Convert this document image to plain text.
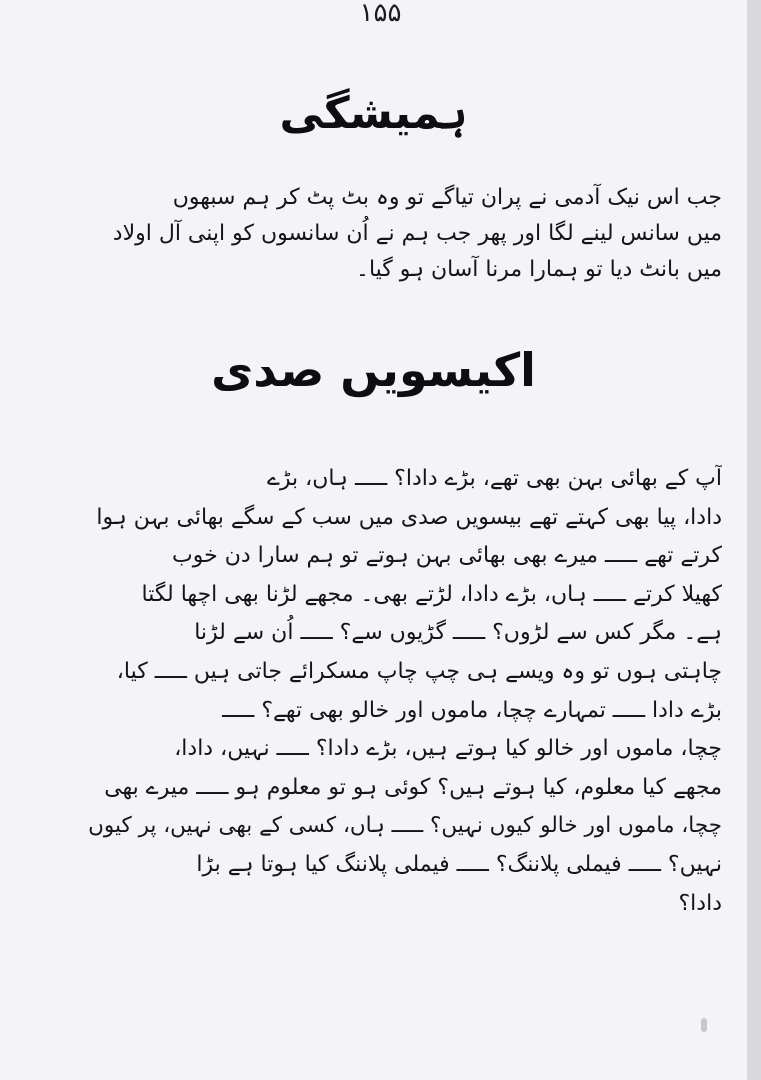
۱۵۵
ہمیشگی
جب اس نیک آدمی نے پران تیاگے تو وہ بٹ پٹ کر ہم سبھوں
میں سانس لینے لگا اور پھر جب ہم نے اُن سانسوں کو اپنی آل اولاد
میں بانٹ دیا تو ہمارا مرنا آسان ہو گیا۔
اکیسویں صدی
آپ کے بھائی بہن بھی تھے، بڑے دادا؟ ـــــ ہاں، بڑے
دادا، پیا بھی کہتے تھے بیسویں صدی میں سب کے سگے بھائی بہن ہوا
کرتے تھے ـــــ میرے بھی بھائی بہن ہوتے تو ہم سارا دن خوب
کھیلا کرتے ـــــ ہاں، بڑے دادا، لڑتے بھی۔ مجھے لڑنا بھی اچھا لگتا
ہے۔ مگر کس سے لڑوں؟ ـــــ گڑیوں سے؟ ـــــ اُن سے لڑنا
چاہتی ہوں تو وہ ویسے ہی چپ چاپ مسکرائے جاتی ہیں ـــــ کیا،
بڑے دادا ـــــ تمہارے چچا، ماموں اور خالو بھی تھے؟ ـــــ
چچا، ماموں اور خالو کیا ہوتے ہیں، بڑے دادا؟ ـــــ نہیں، دادا،
مجھے کیا معلوم، کیا ہوتے ہیں؟ کوئی ہو تو معلوم ہو ـــــ میرے بھی
چچا، ماموں اور خالو کیوں نہیں؟ ـــــ ہاں، کسی کے بھی نہیں، پر کیوں
نہیں؟ ـــــ فیملی پلاننگ؟ ـــــ فیملی پلاننگ کیا ہوتا ہے بڑا
دادا؟
